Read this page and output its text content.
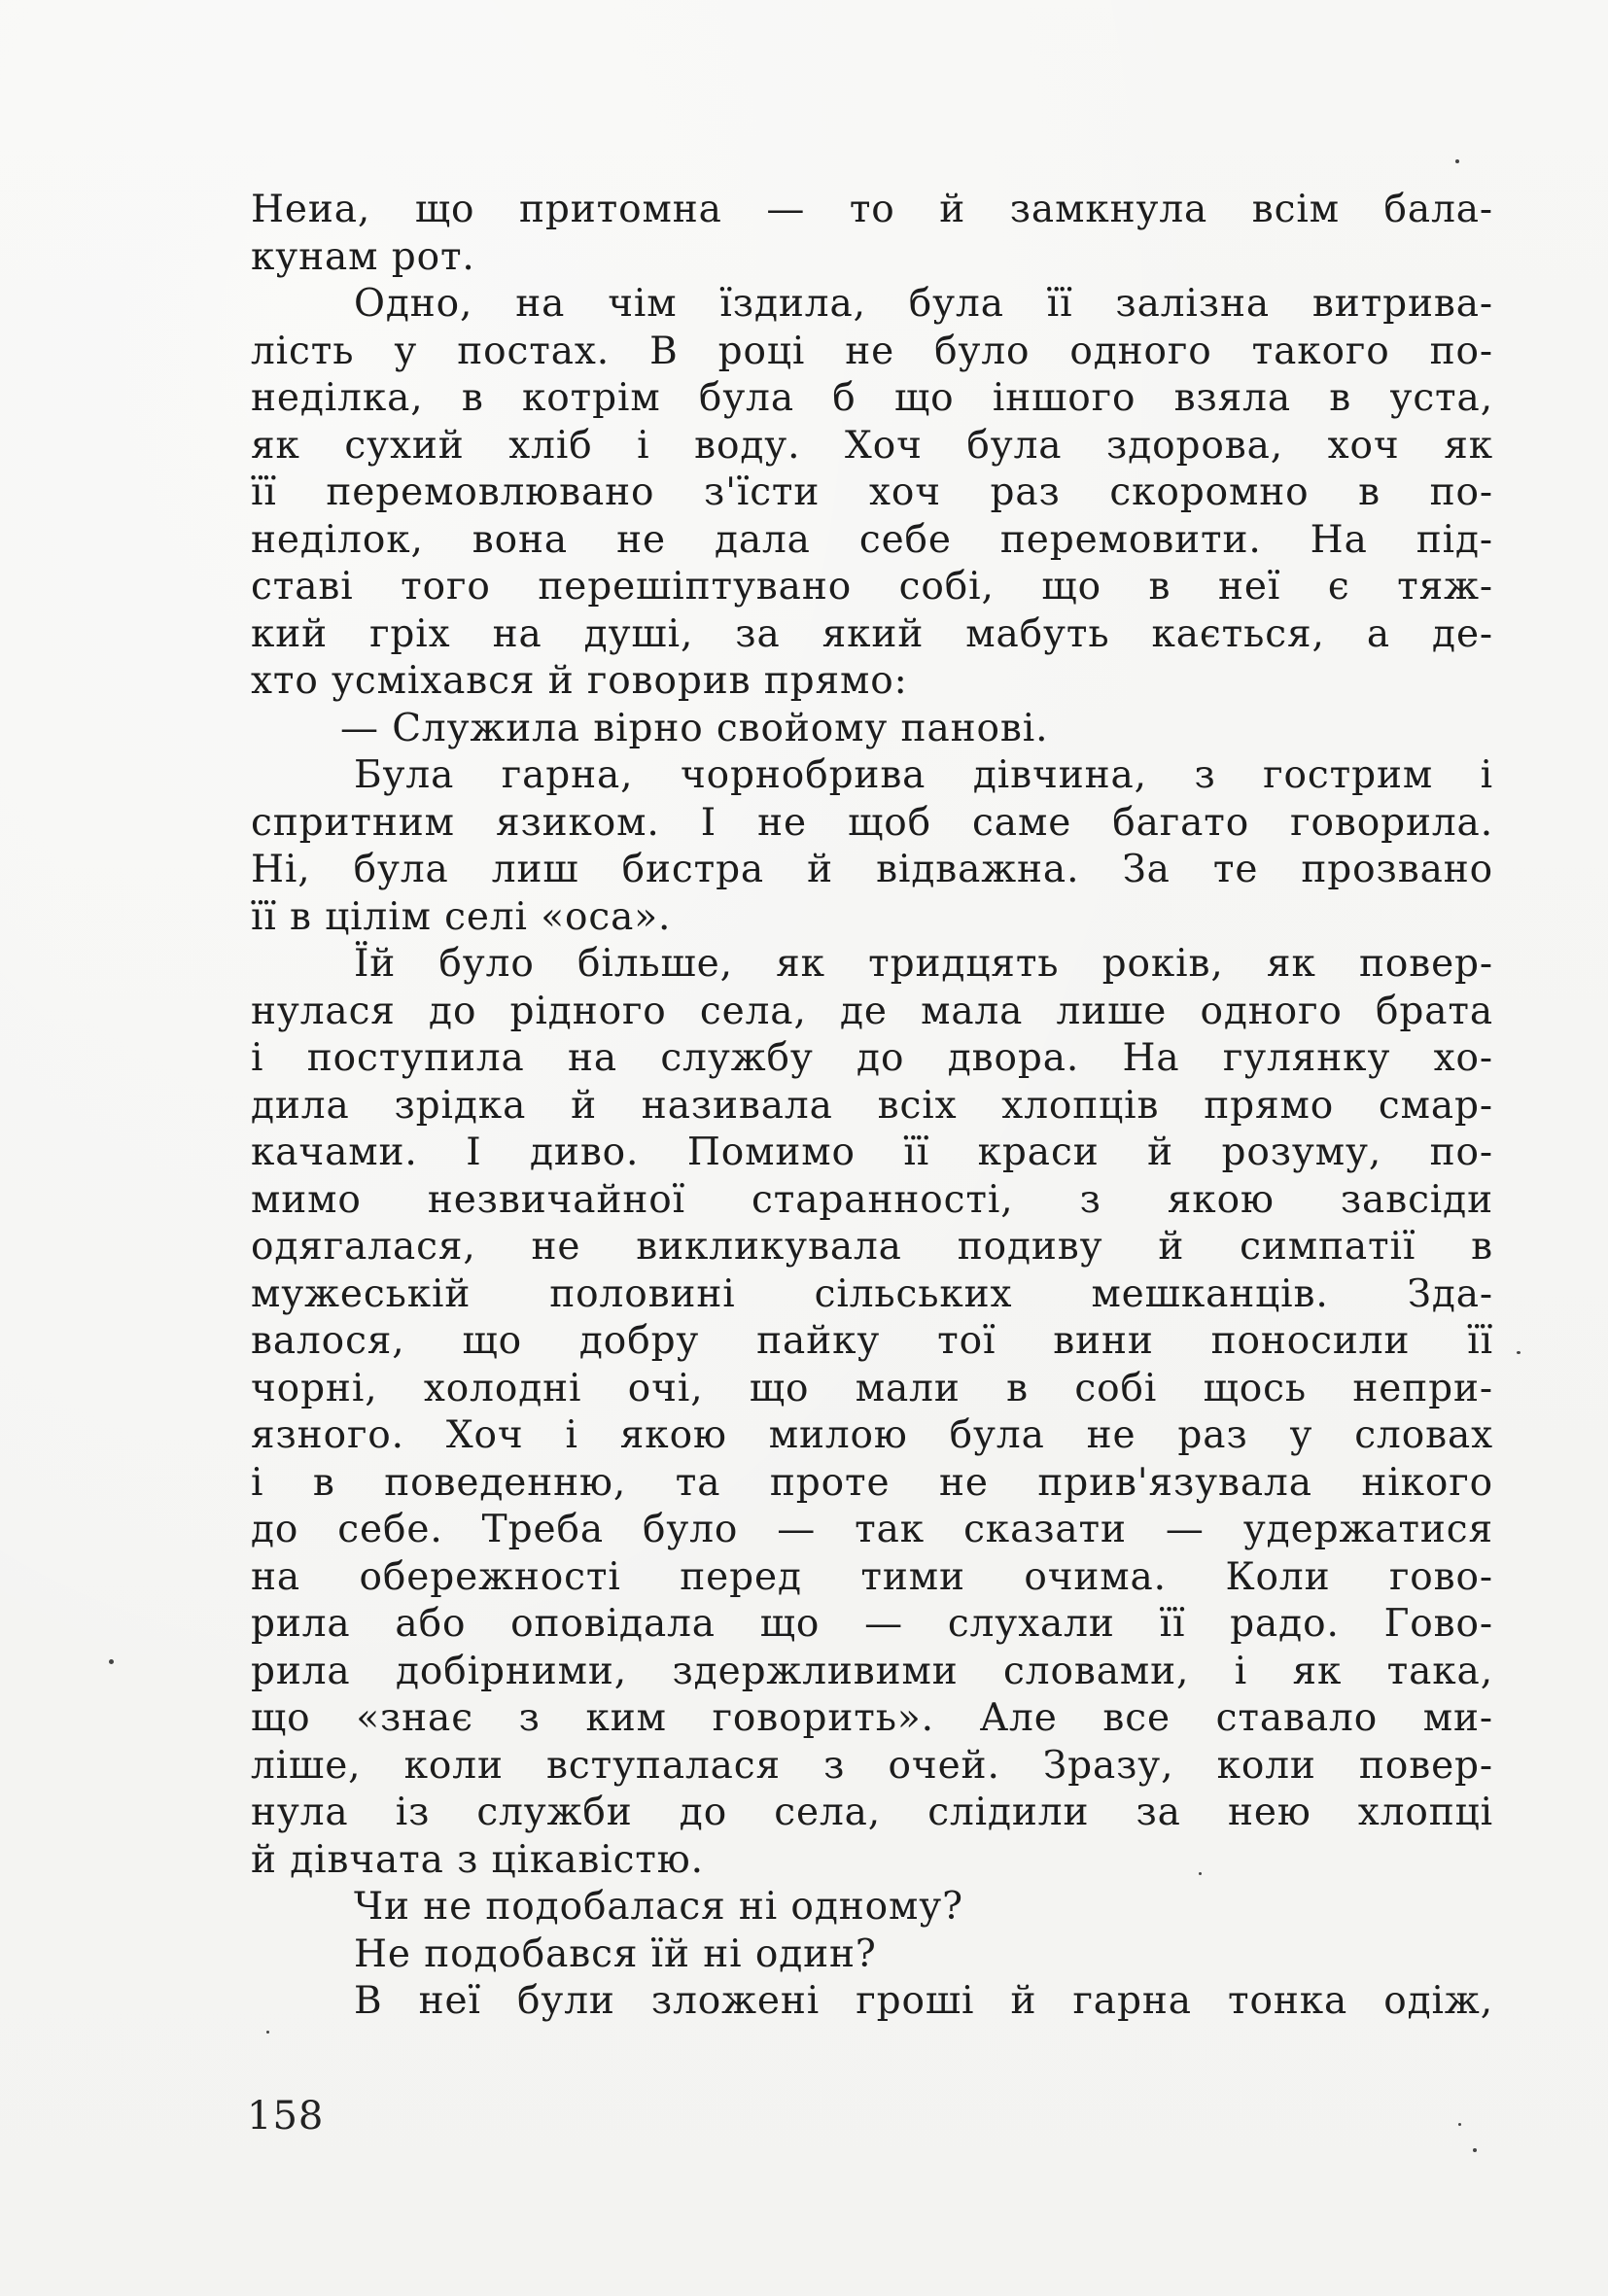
Неиа, що притомна — то й замкнула всім бала-
кунам рот.
Одно, на чім їздила, була її залізна витрива-
лість у постах. В році не було одного такого по-
неділка, в котрім була б що іншого взяла в уста,
як сухий хліб і воду. Хоч була здорова, хоч як
її перемовлювано з'їсти хоч раз скоромно в по-
неділок, вона не дала себе перемовити. На під-
ставі того перешіптувано собі, що в неї є тяж-
кий гріх на душі, за який мабуть кається, а де-
хто усміхався й говорив прямо:
— Служила вірно свойому панові.
Була гарна, чорнобрива дівчина, з гострим і
спритним язиком. І не щоб саме багато говорила.
Ні, була лиш бистра й відважна. За те прозвано
її в цілім селі «оса».
Їй було більше, як тридцять років, як повер-
нулася до рідного села, де мала лише одного брата
і поступила на службу до двора. На гулянку хо-
дила зрідка й називала всіх хлопців прямо смар-
качами. І диво. Помимо її краси й розуму, по-
мимо незвичайної старанності, з якою завсіди
одягалася, не викликувала подиву й симпатії в
мужеській половині сільських мешканців. Зда-
валося, що добру пайку тої вини поносили її
чорні, холодні очі, що мали в собі щось непри-
язного. Хоч і якою милою була не раз у словах
і в поведенню, та проте не прив'язувала нікого
до себе. Треба було — так сказати — удержатися
на обережності перед тими очима. Коли гово-
рила або оповідала що — слухали її радо. Гово-
рила добірними, здержливими словами, і як така,
що «знає з ким говорить». Але все ставало ми-
ліше, коли вступалася з очей. Зразу, коли повер-
нула із служби до села, слідили за нею хлопці
й дівчата з цікавістю.
Чи не подобалася ні одному?
Не подобався їй ні один?
В неї були зложені гроші й гарна тонка одіж,
158
